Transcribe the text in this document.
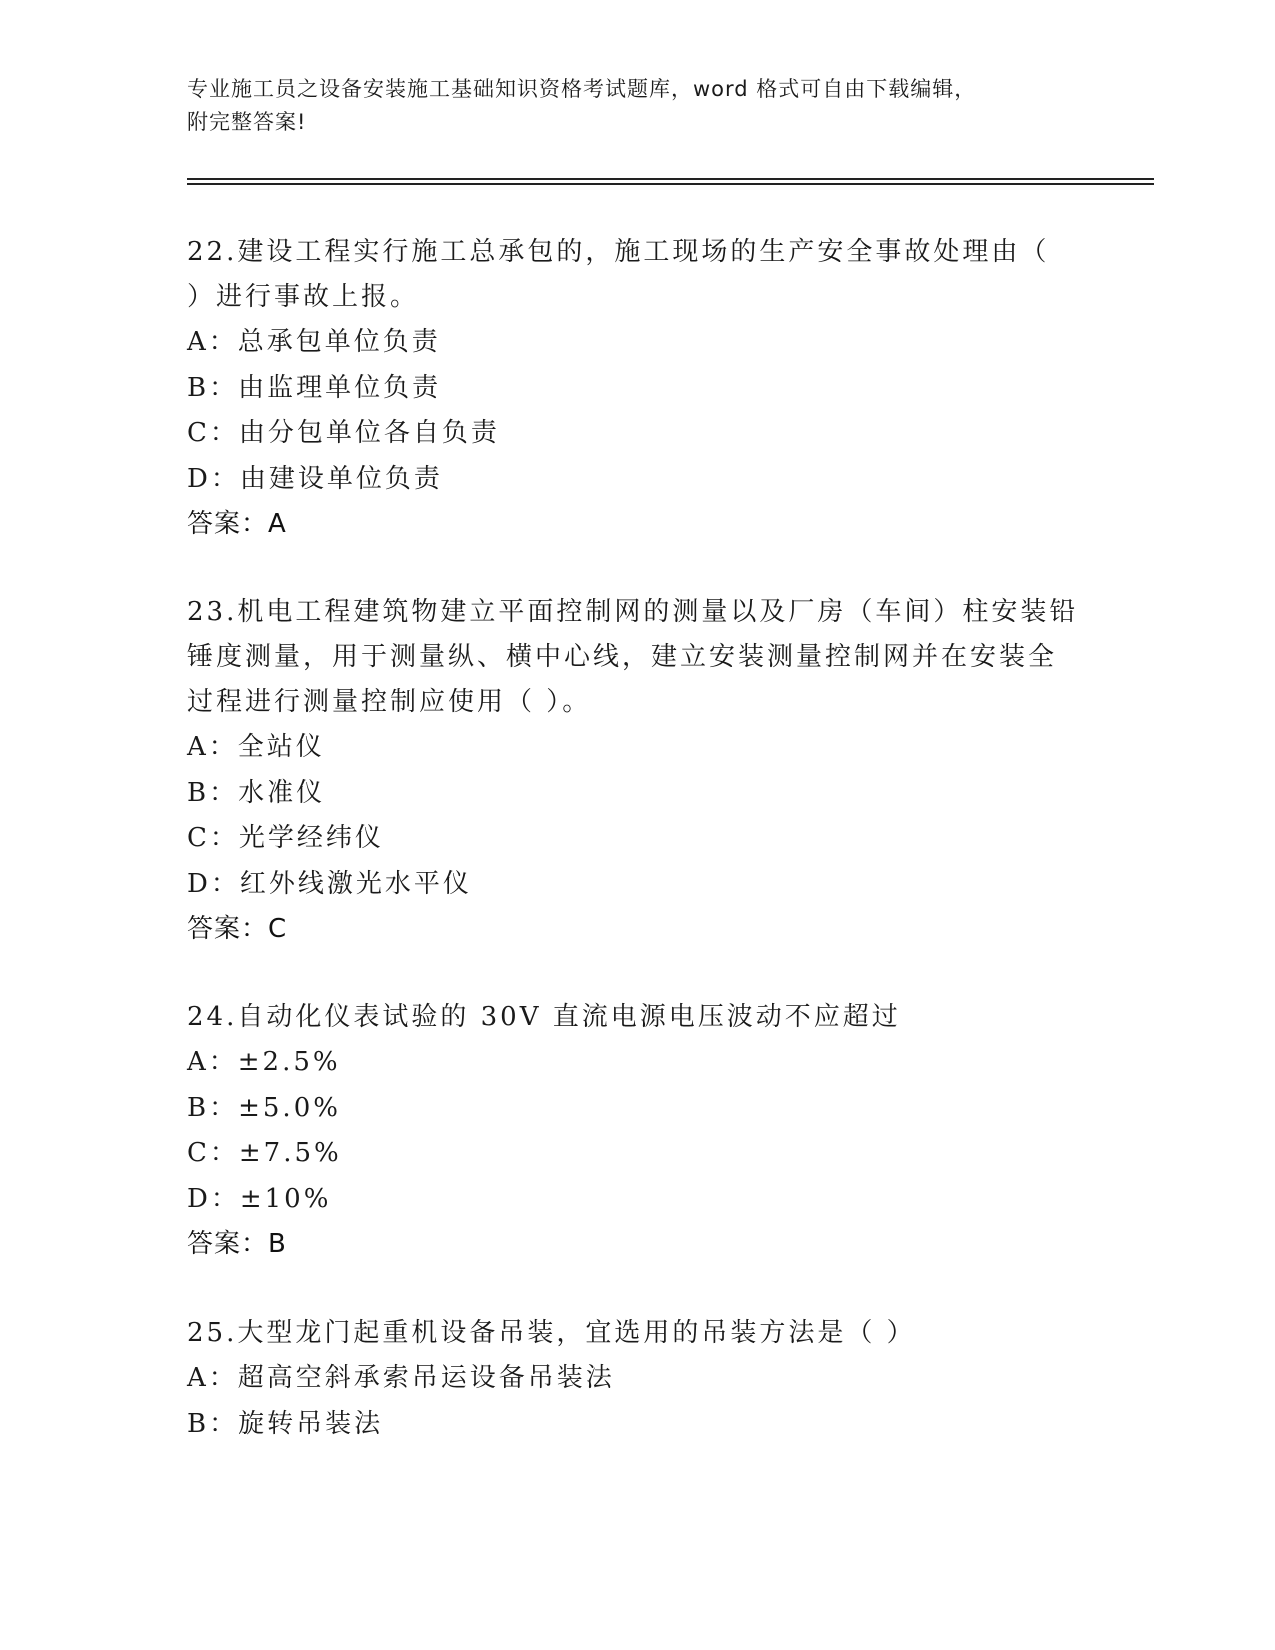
专业施工员之设备安装施工基础知识资格考试题库，word 格式可自由下载编辑，
附完整答案!
22.建设工程实行施工总承包的，施工现场的生产安全事故处理由（
）进行事故上报。
A：总承包单位负责
B：由监理单位负责
C：由分包单位各自负责
D：由建设单位负责
答案：A
23.机电工程建筑物建立平面控制网的测量以及厂房（车间）柱安装铅
锤度测量，用于测量纵、横中心线，建立安装测量控制网并在安装全
过程进行测量控制应使用（ ）。
A：全站仪
B：水准仪
C：光学经纬仪
D：红外线激光水平仪
答案：C
24.自动化仪表试验的 30V 直流电源电压波动不应超过
A：±2.5%
B：±5.0%
C：±7.5%
D：±10%
答案：B
25.大型龙门起重机设备吊装，宜选用的吊装方法是（ ）
A：超高空斜承索吊运设备吊装法
B：旋转吊装法
